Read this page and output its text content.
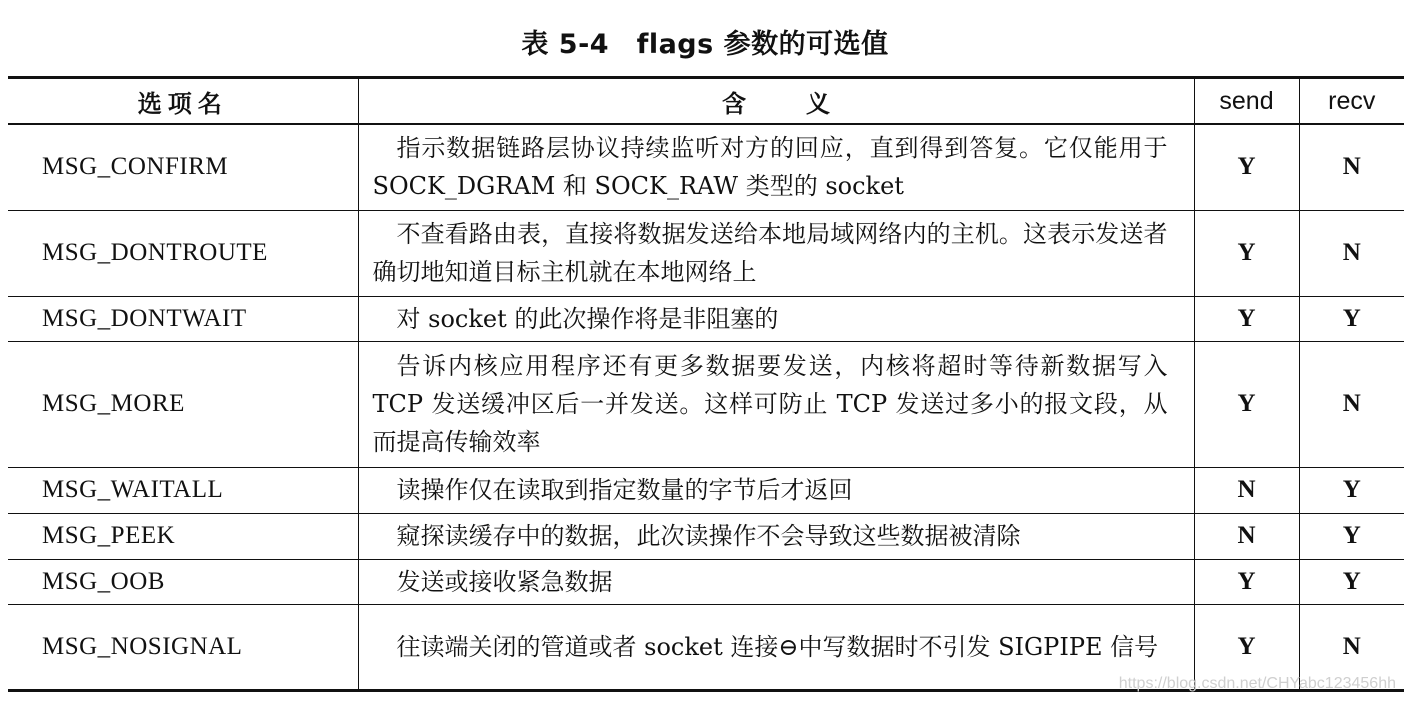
表 5-4　flags 参数的可选值
选项名	含义	send	recv
MSG_CONFIRM	指示数据链路层协议持续监听对方的回应，直到得到答复。它仅能用于 SOCK_DGRAM 和 SOCK_RAW 类型的 socket	Y	N
MSG_DONTROUTE	不查看路由表，直接将数据发送给本地局域网络内的主机。这表示发送者确切地知道目标主机就在本地网络上	Y	N
MSG_DONTWAIT	对 socket 的此次操作将是非阻塞的	Y	Y
MSG_MORE	告诉内核应用程序还有更多数据要发送，内核将超时等待新数据写入 TCP 发送缓冲区后一并发送。这样可防止 TCP 发送过多小的报文段，从而提高传输效率	Y	N
MSG_WAITALL	读操作仅在读取到指定数量的字节后才返回	N	Y
MSG_PEEK	窥探读缓存中的数据，此次读操作不会导致这些数据被清除	N	Y
MSG_OOB	发送或接收紧急数据	Y	Y
MSG_NOSIGNAL	往读端关闭的管道或者 socket 连接⊖中写数据时不引发 SIGPIPE 信号	Y	N
https://blog.csdn.net/CHYabc123456hh
